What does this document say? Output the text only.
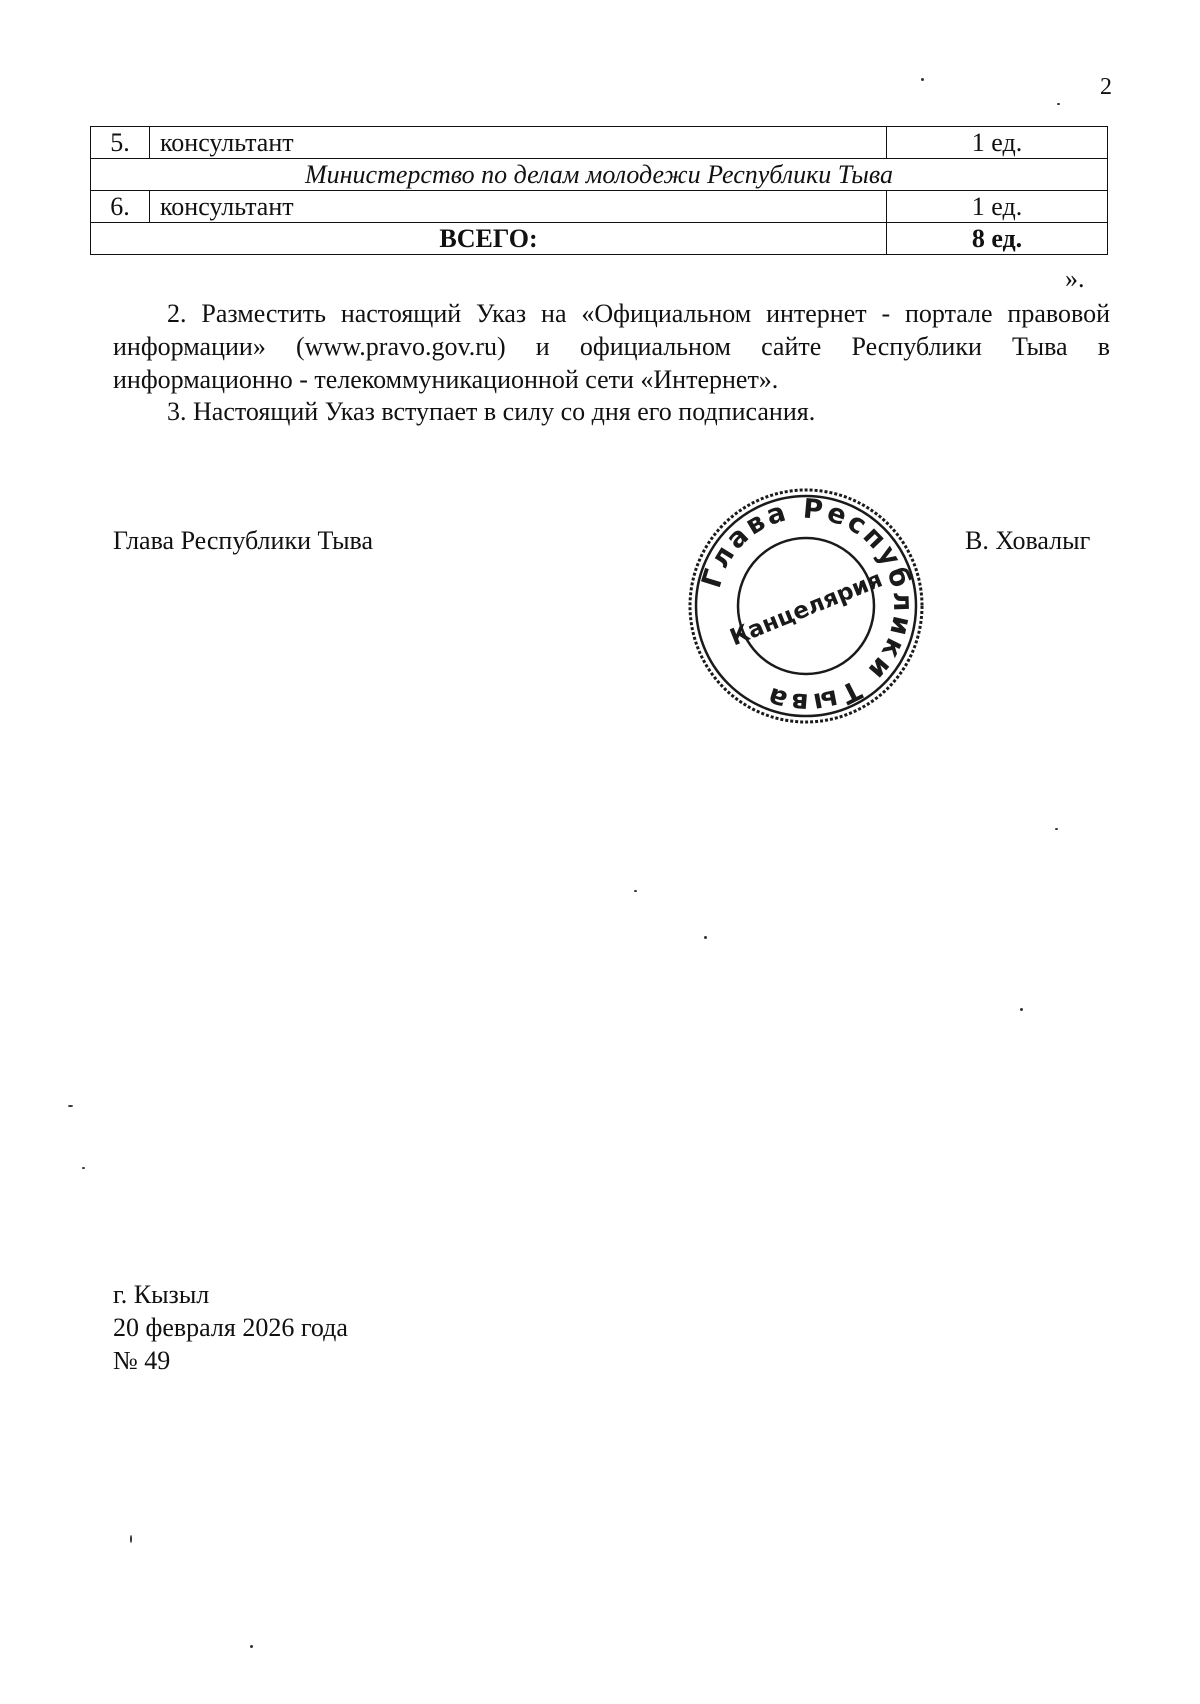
2
5.	консультант	1 ед.
Министерство по делам молодежи Республики Тыва		
6.	консультант	1 ед.
ВСЕГО:		8 ед.
».
2. Разместить настоящий Указ на «Официальном интернет - портале правовой информации» (www.pravo.gov.ru) и официальном сайте Республики Тыва в информационно - телекоммуникационной сети «Интернет».
3. Настоящий Указ вступает в силу со дня его подписания.
Глава Республики Тыва	В. Ховалыг
Глава Республики Тыва
Канцелярия
г. Кызыл
20 февраля 2026 года
№ 49
